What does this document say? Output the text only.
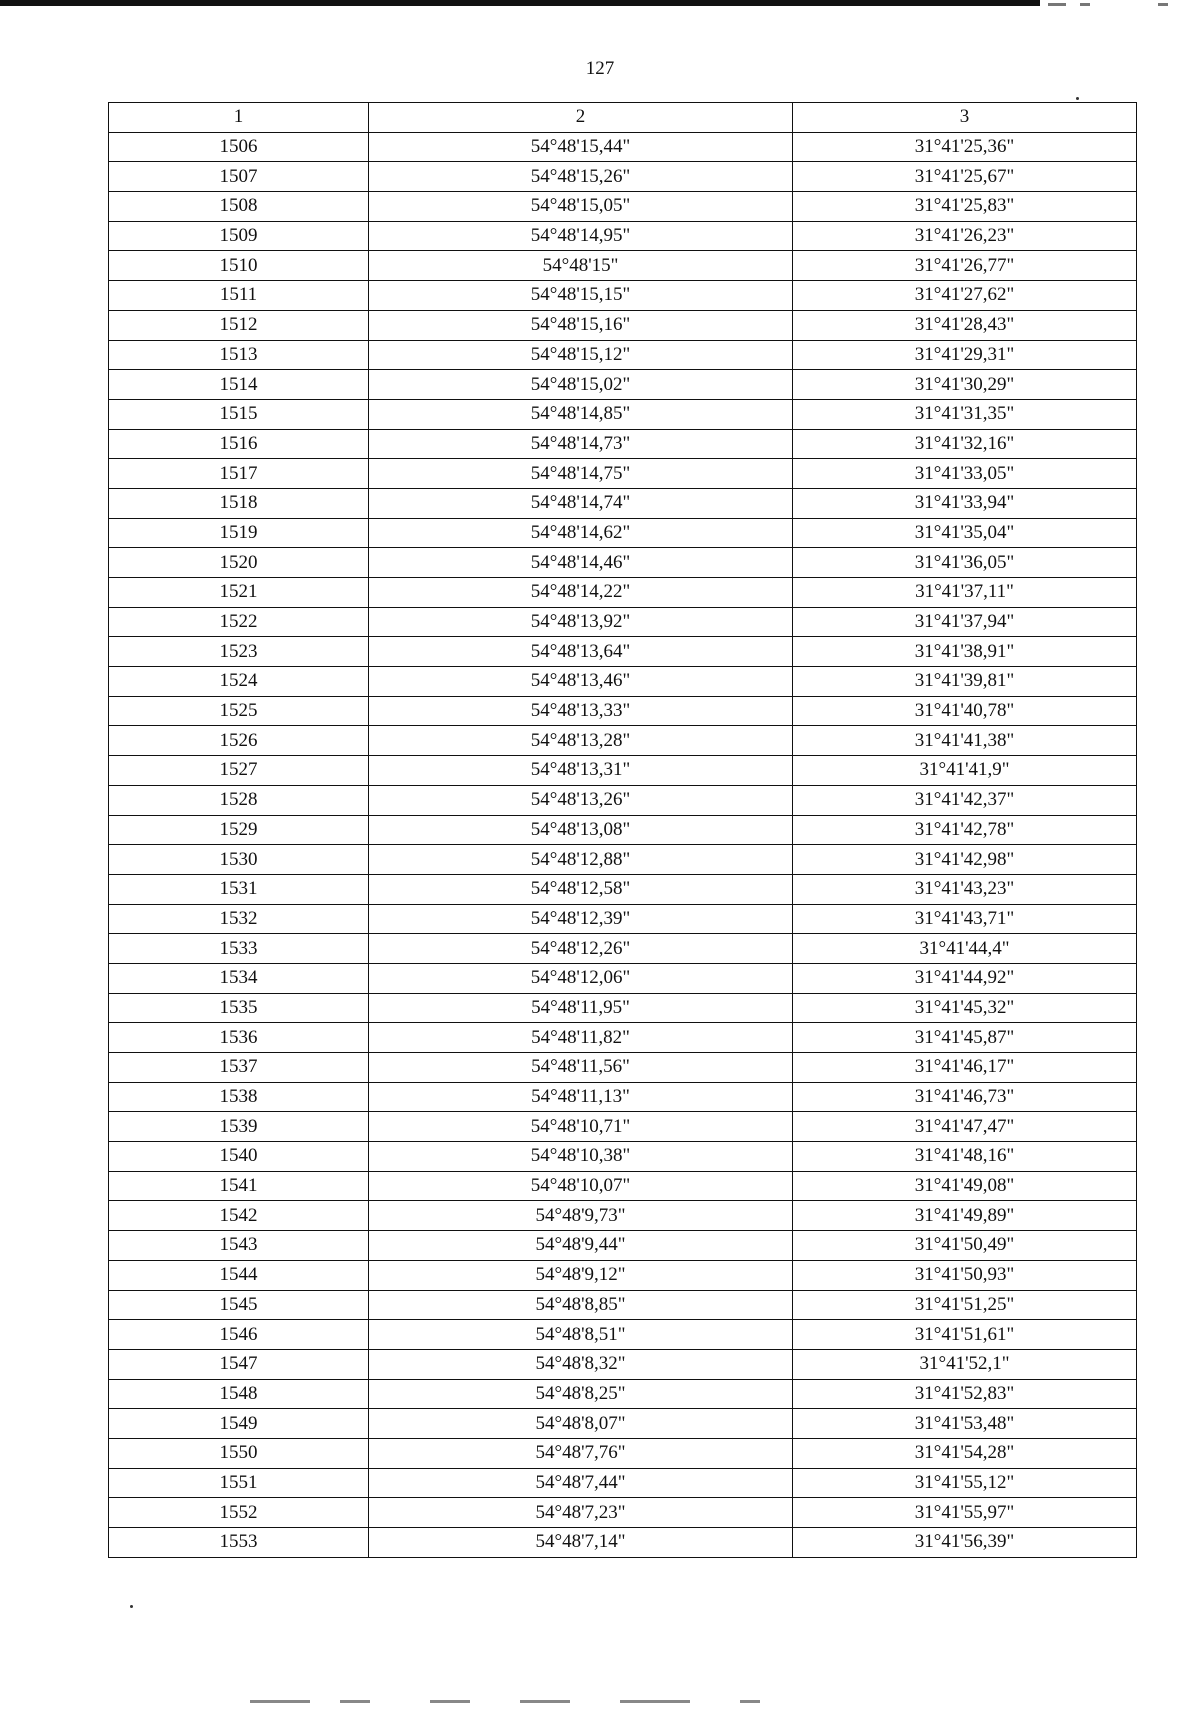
127
1	2	3
1506	54°48'15,44"	31°41'25,36"
1507	54°48'15,26"	31°41'25,67"
1508	54°48'15,05"	31°41'25,83"
1509	54°48'14,95"	31°41'26,23"
1510	54°48'15"	31°41'26,77"
1511	54°48'15,15"	31°41'27,62"
1512	54°48'15,16"	31°41'28,43"
1513	54°48'15,12"	31°41'29,31"
1514	54°48'15,02"	31°41'30,29"
1515	54°48'14,85"	31°41'31,35"
1516	54°48'14,73"	31°41'32,16"
1517	54°48'14,75"	31°41'33,05"
1518	54°48'14,74"	31°41'33,94"
1519	54°48'14,62"	31°41'35,04"
1520	54°48'14,46"	31°41'36,05"
1521	54°48'14,22"	31°41'37,11"
1522	54°48'13,92"	31°41'37,94"
1523	54°48'13,64"	31°41'38,91"
1524	54°48'13,46"	31°41'39,81"
1525	54°48'13,33"	31°41'40,78"
1526	54°48'13,28"	31°41'41,38"
1527	54°48'13,31"	31°41'41,9"
1528	54°48'13,26"	31°41'42,37"
1529	54°48'13,08"	31°41'42,78"
1530	54°48'12,88"	31°41'42,98"
1531	54°48'12,58"	31°41'43,23"
1532	54°48'12,39"	31°41'43,71"
1533	54°48'12,26"	31°41'44,4"
1534	54°48'12,06"	31°41'44,92"
1535	54°48'11,95"	31°41'45,32"
1536	54°48'11,82"	31°41'45,87"
1537	54°48'11,56"	31°41'46,17"
1538	54°48'11,13"	31°41'46,73"
1539	54°48'10,71"	31°41'47,47"
1540	54°48'10,38"	31°41'48,16"
1541	54°48'10,07"	31°41'49,08"
1542	54°48'9,73"	31°41'49,89"
1543	54°48'9,44"	31°41'50,49"
1544	54°48'9,12"	31°41'50,93"
1545	54°48'8,85"	31°41'51,25"
1546	54°48'8,51"	31°41'51,61"
1547	54°48'8,32"	31°41'52,1"
1548	54°48'8,25"	31°41'52,83"
1549	54°48'8,07"	31°41'53,48"
1550	54°48'7,76"	31°41'54,28"
1551	54°48'7,44"	31°41'55,12"
1552	54°48'7,23"	31°41'55,97"
1553	54°48'7,14"	31°41'56,39"
